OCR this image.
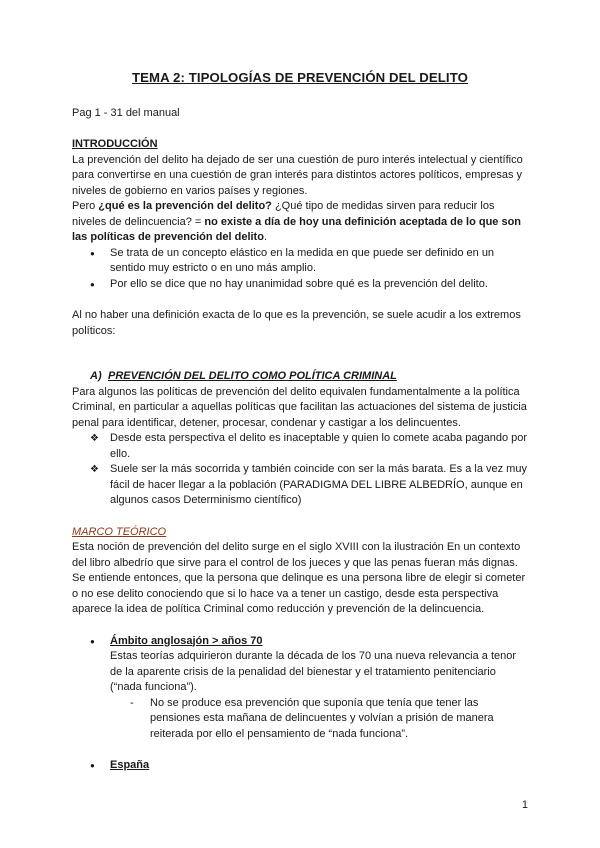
TEMA 2: TIPOLOGÍAS DE PREVENCIÓN DEL DELITO

Pag 1 - 31 del manual

INTRODUCCIÓN

La prevención del delito ha dejado de ser una cuestión de puro interés intelectual y científico para convertirse en una cuestión de gran interés para distintos actores políticos, empresas y niveles de gobierno en varios países y regiones.

Pero ¿qué es la prevención del delito? ¿Qué tipo de medidas sirven para reducir los niveles de delincuencia? = no existe a día de hoy una definición aceptada de lo que son las políticas de prevención del delito.

● Se trata de un concepto elástico en la medida en que puede ser definido en un sentido muy estricto o en uno más amplio.
● Por ello se dice que no hay unanimidad sobre qué es la prevención del delito.

Al no haber una definición exacta de lo que es la prevención, se suele acudir a los extremos políticos:

A) PREVENCIÓN DEL DELITO COMO POLÍTICA CRIMINAL

Para algunos las políticas de prevención del delito equivalen fundamentalmente a la política Criminal, en particular a aquellas políticas que facilitan las actuaciones del sistema de justicia penal para identificar, detener, procesar, condenar y castigar a los delincuentes.

❖ Desde esta perspectiva el delito es inaceptable y quien lo comete acaba pagando por ello.
❖ Suele ser la más socorrida y también coincide con ser la más barata. Es a la vez muy fácil de hacer llegar a la población (PARADIGMA DEL LIBRE ALBEDRÍO, aunque en algunos casos Determinismo científico)

MARCO TEÓRICO

Esta noción de prevención del delito surge en el siglo XVIII con la ilustración En un contexto del libro albedrío que sirve para el control de los jueces y que las penas fueran más dignas. Se entiende entonces, que la persona que delinque es una persona libre de elegir si cometer o no ese delito conociendo que si lo hace va a tener un castigo, desde esta perspectiva aparece la idea de política Criminal como reducción y prevención de la delincuencia.

● Ámbito anglosajón > años 70

Estas teorías adquirieron durante la década de los 70 una nueva relevancia a tenor de la aparente crisis de la penalidad del bienestar y el tratamiento penitenciario (“nada funciona”).

- No se produce esa prevención que suponía que tenía que tener las pensiones esta mañana de delincuentes y volvían a prisión de manera reiterada por ello el pensamiento de “nada funciona”.

● España

1
